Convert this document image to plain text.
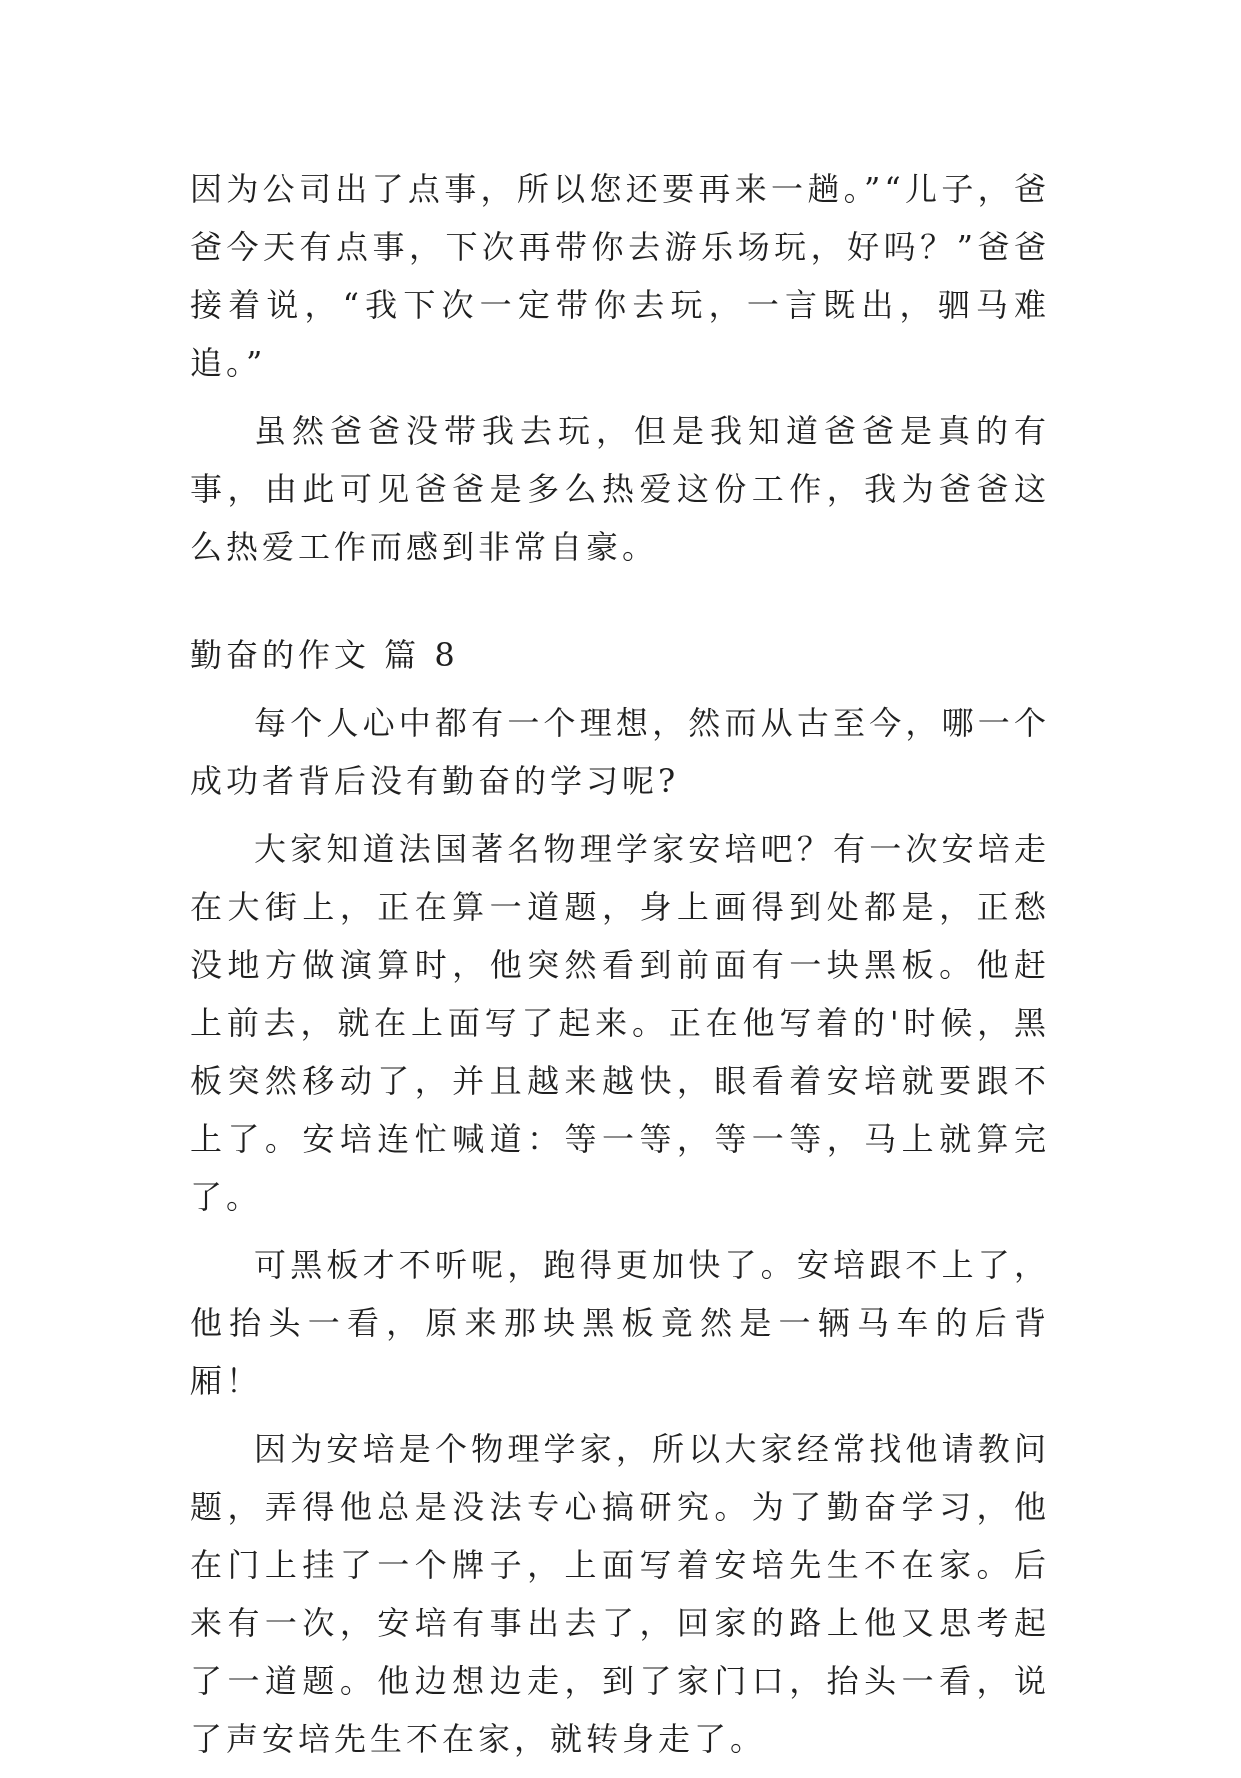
因为公司出了点事，所以您还要再来一趟。”“儿子，爸爸今天有点事，下次再带你去游乐场玩，好吗？”爸爸接着说，“我下次一定带你去玩，一言既出，驷马难追。”

虽然爸爸没带我去玩，但是我知道爸爸是真的有事，由此可见爸爸是多么热爱这份工作，我为爸爸这么热爱工作而感到非常自豪。

勤奋的作文 篇 8

每个人心中都有一个理想，然而从古至今，哪一个成功者背后没有勤奋的学习呢?

大家知道法国著名物理学家安培吧？有一次安培走在大街上，正在算一道题，身上画得到处都是，正愁没地方做演算时，他突然看到前面有一块黑板。他赶上前去，就在上面写了起来。正在他写着的'时候，黑板突然移动了，并且越来越快，眼看着安培就要跟不上了。安培连忙喊道：等一等，等一等，马上就算完了。

可黑板才不听呢，跑得更加快了。安培跟不上了，他抬头一看，原来那块黑板竟然是一辆马车的后背厢！

因为安培是个物理学家，所以大家经常找他请教问题，弄得他总是没法专心搞研究。为了勤奋学习，他在门上挂了一个牌子，上面写着安培先生不在家。后来有一次，安培有事出去了，回家的路上他又思考起了一道题。他边想边走，到了家门口，抬头一看，说了声安培先生不在家，就转身走了。
